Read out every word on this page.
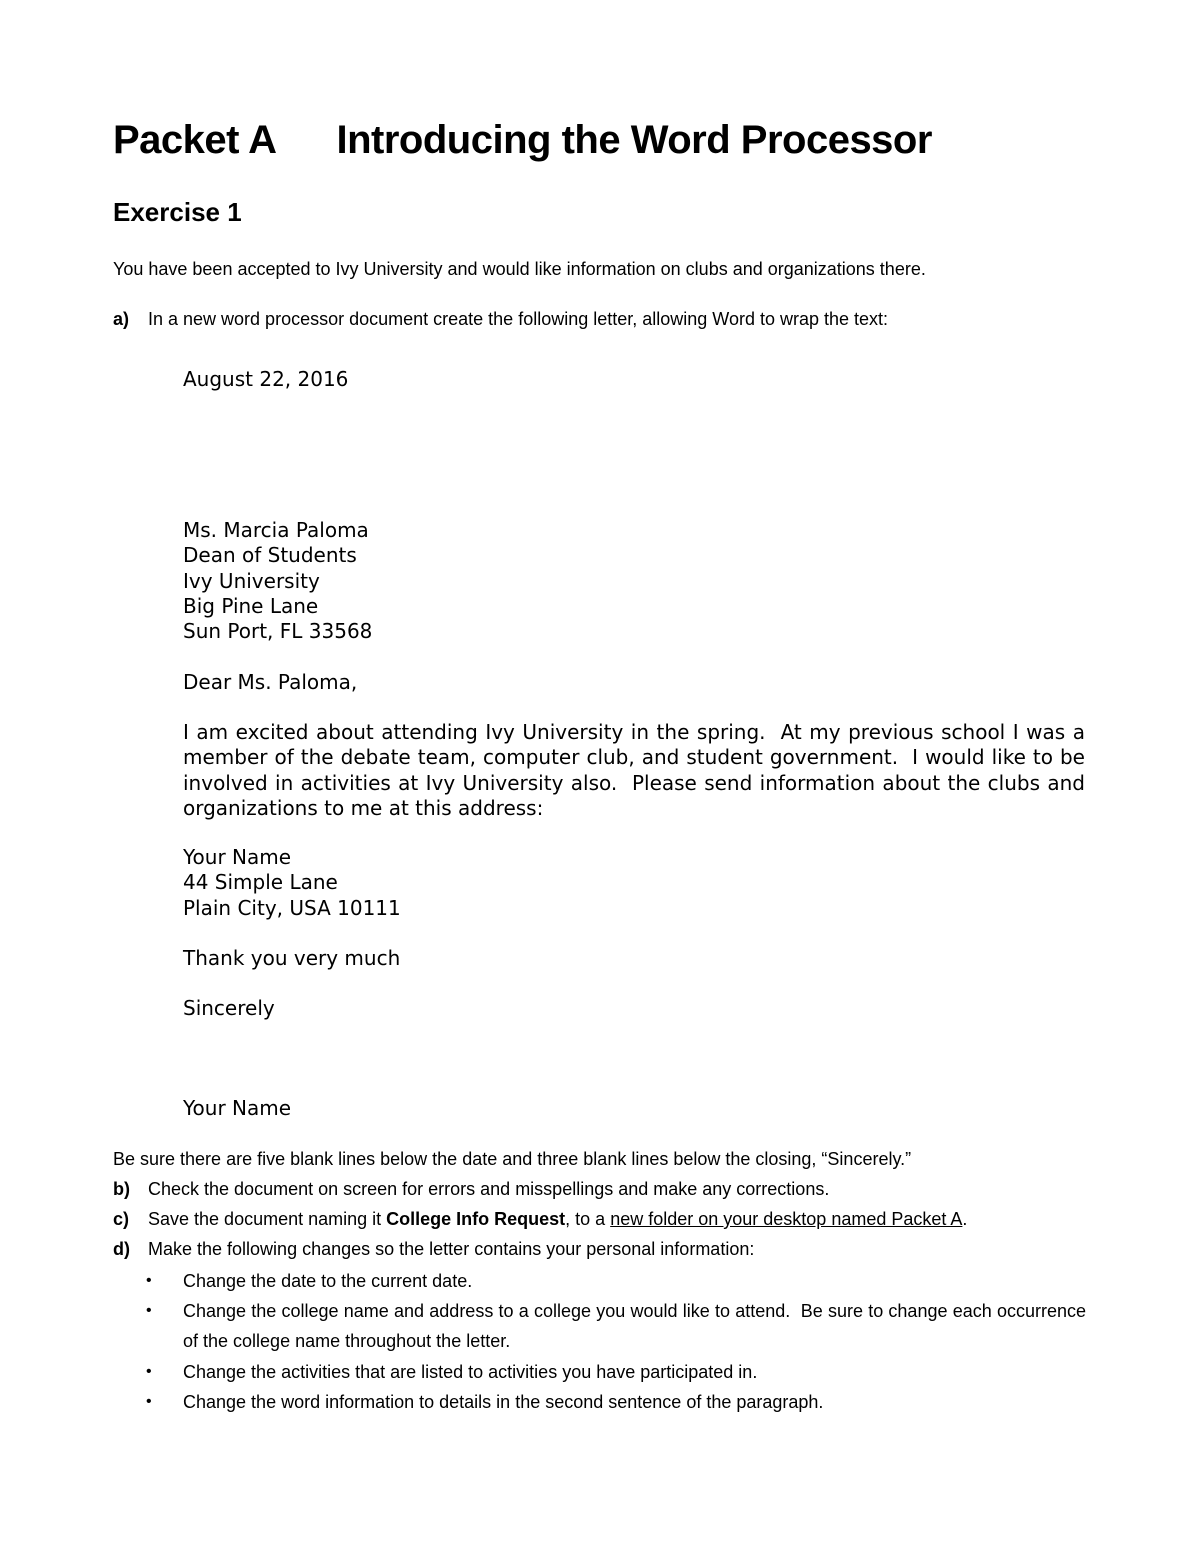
Packet A Introducing the Word Processor
Exercise 1
You have been accepted to Ivy University and would like information on clubs and organizations there.
a) In a new word processor document create the following letter, allowing Word to wrap the text:
August 22, 2016
Ms. Marcia Paloma
Dean of Students
Ivy University
Big Pine Lane
Sun Port, FL 33568
Dear Ms. Paloma,
I am excited about attending Ivy University in the spring.  At my previous school I was a member of the debate team, computer club, and student government.  I would like to be involved in activities at Ivy University also.  Please send information about the clubs and organizations to me at this address:
Your Name
44 Simple Lane
Plain City, USA 10111
Thank you very much
Sincerely
Your Name
Be sure there are five blank lines below the date and three blank lines below the closing, “Sincerely.”
b) Check the document on screen for errors and misspellings and make any corrections.
c) Save the document naming it College Info Request, to a new folder on your desktop named Packet A.
d) Make the following changes so the letter contains your personal information:
• Change the date to the current date.
• Change the college name and address to a college you would like to attend.  Be sure to change each occurrence of the college name throughout the letter.
• Change the activities that are listed to activities you have participated in.
• Change the word information to details in the second sentence of the paragraph.
